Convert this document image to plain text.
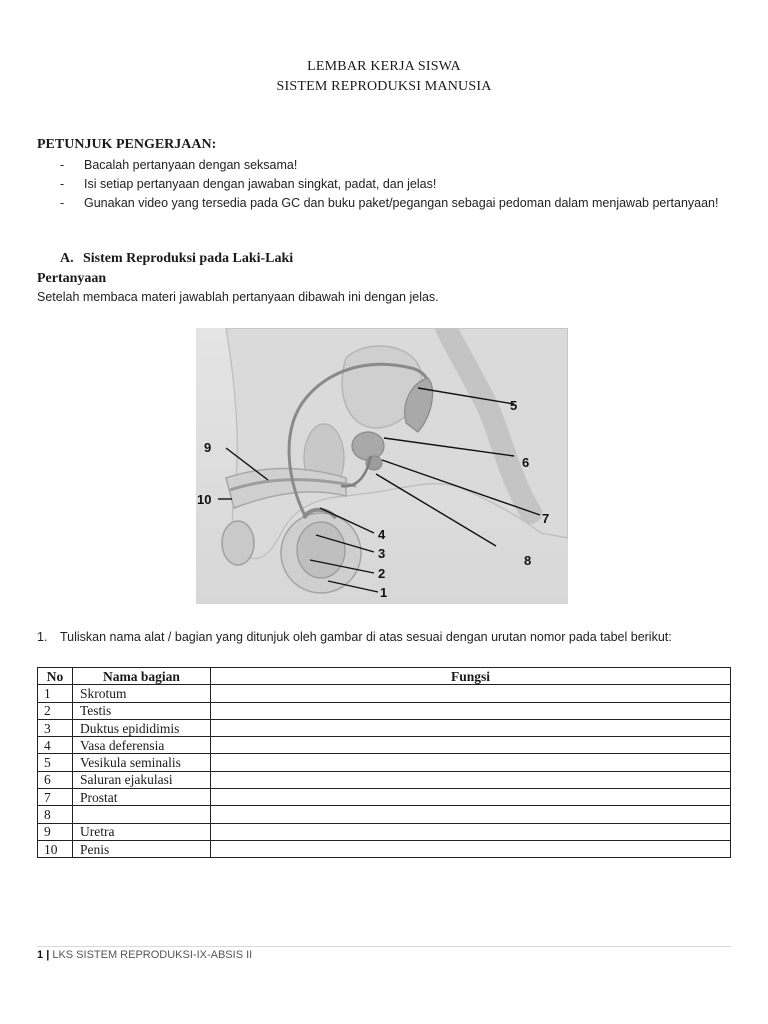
LEMBAR KERJA SISWA
SISTEM REPRODUKSI MANUSIA
PETUNJUK PENGERJAAN:
- Bacalah pertanyaan dengan seksama!
- Isi setiap pertanyaan dengan jawaban singkat, padat, dan jelas!
- Gunakan video yang tersedia pada GC dan buku paket/pegangan sebagai pedoman dalam menjawab pertanyaan!
A. Sistem Reproduksi pada Laki-Laki
Pertanyaan
Setelah membaca materi jawablah pertanyaan dibawah ini dengan jelas.
1
2
3
4
5
6
7
8
9
10
1.	Tuliskan nama alat / bagian yang ditunjuk oleh gambar di atas sesuai dengan urutan nomor pada tabel berikut:
No	Nama bagian	Fungsi
1	Skrotum	
2	Testis	
3	Duktus epididimis	
4	Vasa deferensia	
5	Vesikula seminalis	
6	Saluran ejakulasi	
7	Prostat	
8		
9	Uretra	
10	Penis	
1 | LKS SISTEM REPRODUKSI-IX-ABSIS II
